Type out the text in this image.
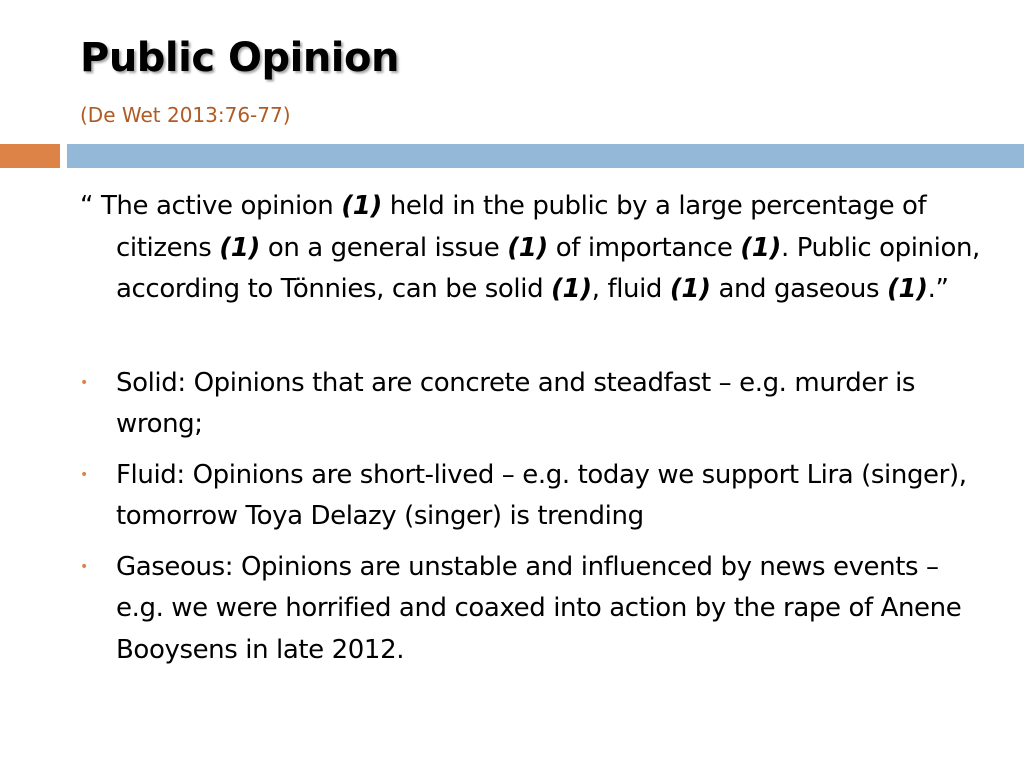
Public Opinion

(De Wet 2013:76-77)

“ The active opinion (1) held in the public by a large percentage of citizens (1) on a general issue (1) of importance (1). Public opinion, according to Tönnies, can be solid (1), fluid (1) and gaseous (1).”

• Solid: Opinions that are concrete and steadfast – e.g. murder is wrong;
• Fluid: Opinions are short-lived – e.g. today we support Lira (singer), tomorrow Toya Delazy (singer) is trending
• Gaseous: Opinions are unstable and influenced by news events – e.g. we were horrified and coaxed into action by the rape of Anene Booysens in late 2012.
